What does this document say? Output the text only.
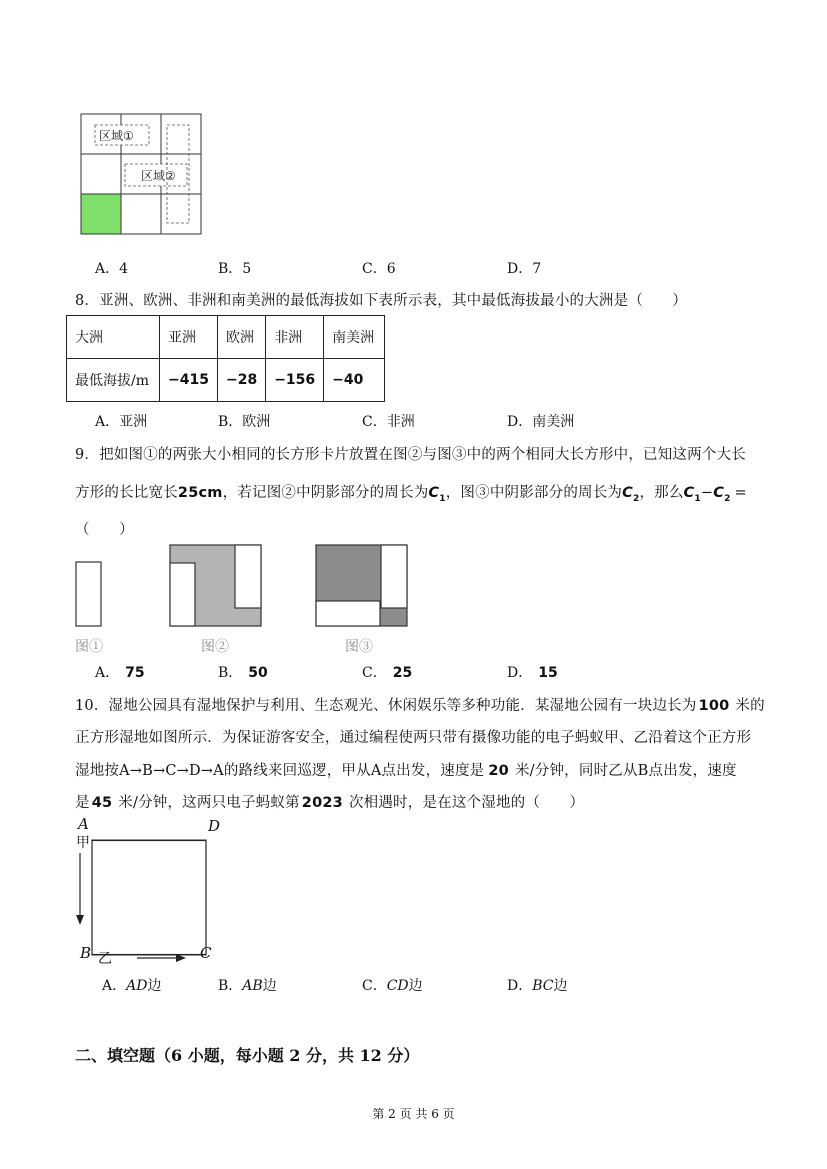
区域①
区域②
A．4	B．5	C．6	D．7
8．亚洲、欧洲、非洲和南美洲的最低海拔如下表所示表，其中最低海拔最小的大洲是（　　）
大洲	亚洲	欧洲	非洲	南美洲
最低海拔/m	−415	−28	−156	−40
A．亚洲	B．欧洲	C．非洲	D．南美洲
9．把如图①的两张大小相同的长方形卡片放置在图②与图③中的两个相同大长方形中，已知这两个大长
方形的长比宽长25cm，若记图②中阴影部分的周长为$C_1$，图③中阴影部分的周长为$C_2$，那么$C_1-C_2$ =
（　　）
图①	图②	图③
A． 75	B． 50	C． 25	D． 15
10．湿地公园具有湿地保护与利用、生态观光、休闲娱乐等多种功能．某湿地公园有一块边长为 100 米的
正方形湿地如图所示．为保证游客安全，通过编程使两只带有摄像功能的电子蚂蚁甲、乙沿着这个正方形
湿地按A→B→C→D→A的路线来回巡逻，甲从A点出发，速度是 20 米/分钟，同时乙从B点出发，速度
是 45 米/分钟，这两只电子蚂蚁第 2023 次相遇时，是在这个湿地的（　　）
A	D
B	C
甲
乙
A．AD边	B．AB边	C．CD边	D．BC边
二、填空题（6 小题，每小题 2 分，共 12 分）
第 2 页 共 6 页
